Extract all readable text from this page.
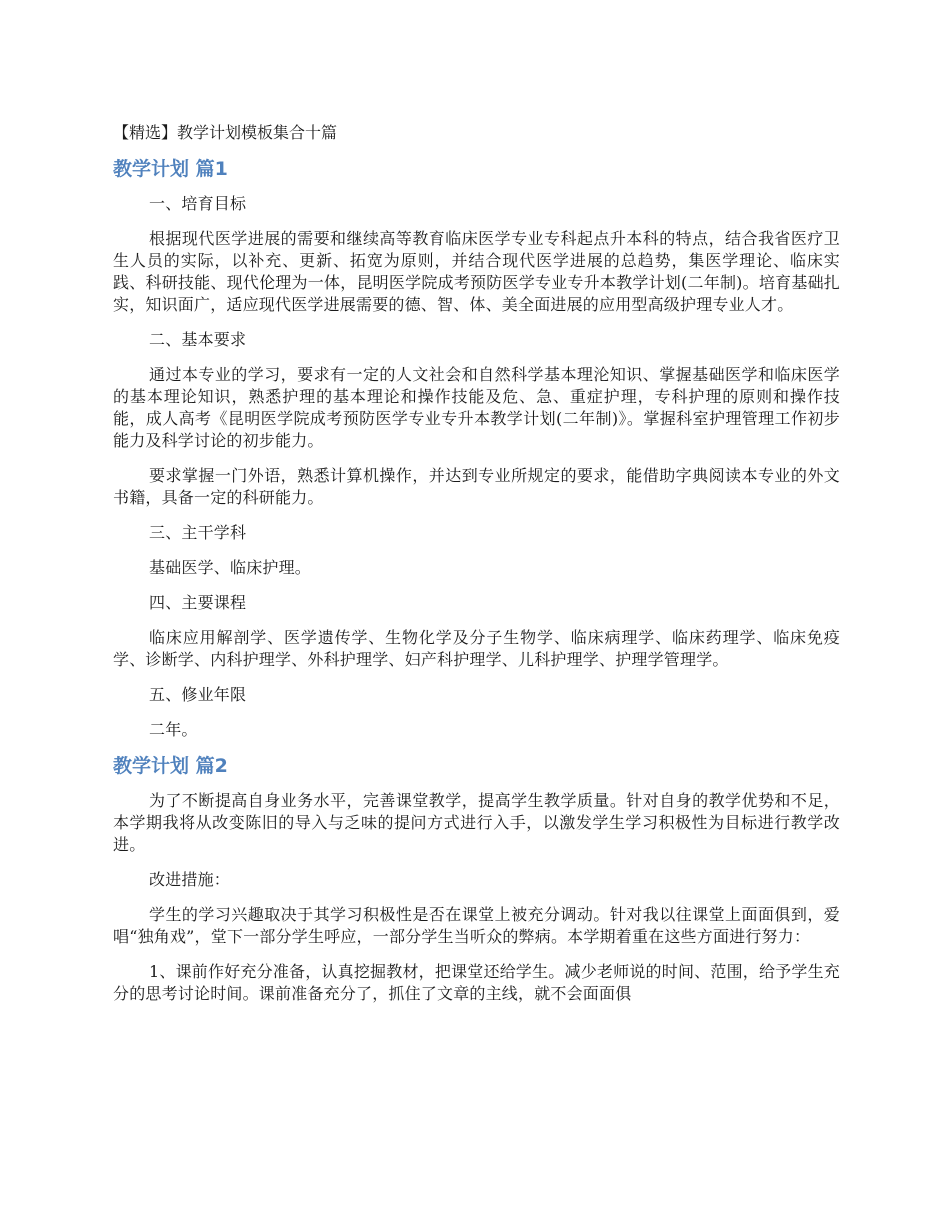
【精选】教学计划模板集合十篇
教学计划 篇1

一、培育目标

根据现代医学进展的需要和继续高等教育临床医学专业专科起点升本科的特点，结合我省医疗卫生人员的实际，以补充、更新、拓宽为原则，并结合现代医学进展的总趋势，集医学理论、临床实践、科研技能、现代伦理为一体，昆明医学院成考预防医学专业专升本教学计划(二年制)。培育基础扎实，知识面广，适应现代医学进展需要的德、智、体、美全面进展的应用型高级护理专业人才。

二、基本要求

通过本专业的学习，要求有一定的人文社会和自然科学基本理沦知识、掌握基础医学和临床医学的基本理论知识，熟悉护理的基本理论和操作技能及危、急、重症护理，专科护理的原则和操作技能，成人高考《昆明医学院成考预防医学专业专升本教学计划(二年制)》。掌握科室护理管理工作初步能力及科学讨论的初步能力。

要求掌握一门外语，熟悉计算机操作，并达到专业所规定的要求，能借助字典阅读本专业的外文书籍，具备一定的科研能力。

三、主干学科

基础医学、临床护理。

四、主要课程

临床应用解剖学、医学遗传学、生物化学及分子生物学、临床病理学、临床药理学、临床免疫学、诊断学、内科护理学、外科护理学、妇产科护理学、儿科护理学、护理学管理学。

五、修业年限

二年。

教学计划 篇2

为了不断提高自身业务水平，完善课堂教学，提高学生教学质量。针对自身的教学优势和不足，本学期我将从改变陈旧的导入与乏味的提问方式进行入手，以激发学生学习积极性为目标进行教学改进。

改进措施：

学生的学习兴趣取决于其学习积极性是否在课堂上被充分调动。针对我以往课堂上面面俱到，爱唱“独角戏”，堂下一部分学生呼应，一部分学生当听众的弊病。本学期着重在这些方面进行努力：

1、课前作好充分准备，认真挖掘教材，把课堂还给学生。减少老师说的时间、范围，给予学生充分的思考讨论时间。课前准备充分了，抓住了文章的主线，就不会面面俱
